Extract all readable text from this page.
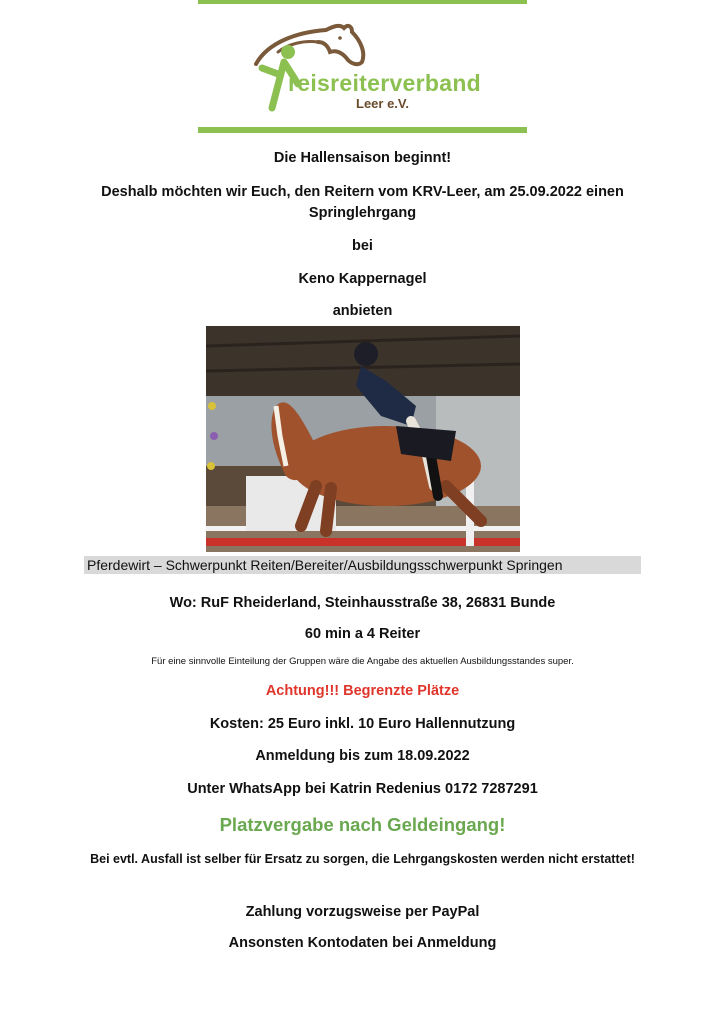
reisreiterverband
Leer e.V.
Die Hallensaison beginnt!
Deshalb möchten wir Euch, den Reitern vom KRV-Leer, am 25.09.2022 einen
Springlehrgang
bei
Keno Kappernagel
anbieten
Pferdewirt – Schwerpunkt Reiten/Bereiter/Ausbildungsschwerpunkt Springen
Wo: RuF Rheiderland, Steinhausstraße 38, 26831 Bunde
60 min a 4 Reiter
Für eine sinnvolle Einteilung der Gruppen wäre die Angabe des aktuellen Ausbildungsstandes super.
Achtung!!! Begrenzte Plätze
Kosten: 25 Euro inkl. 10 Euro Hallennutzung
Anmeldung bis zum 18.09.2022
Unter WhatsApp bei Katrin Redenius 0172 7287291
Platzvergabe nach Geldeingang!
Bei evtl. Ausfall ist selber für Ersatz zu sorgen, die Lehrgangskosten werden nicht erstattet!
Zahlung vorzugsweise per PayPal
Ansonsten Kontodaten bei Anmeldung
